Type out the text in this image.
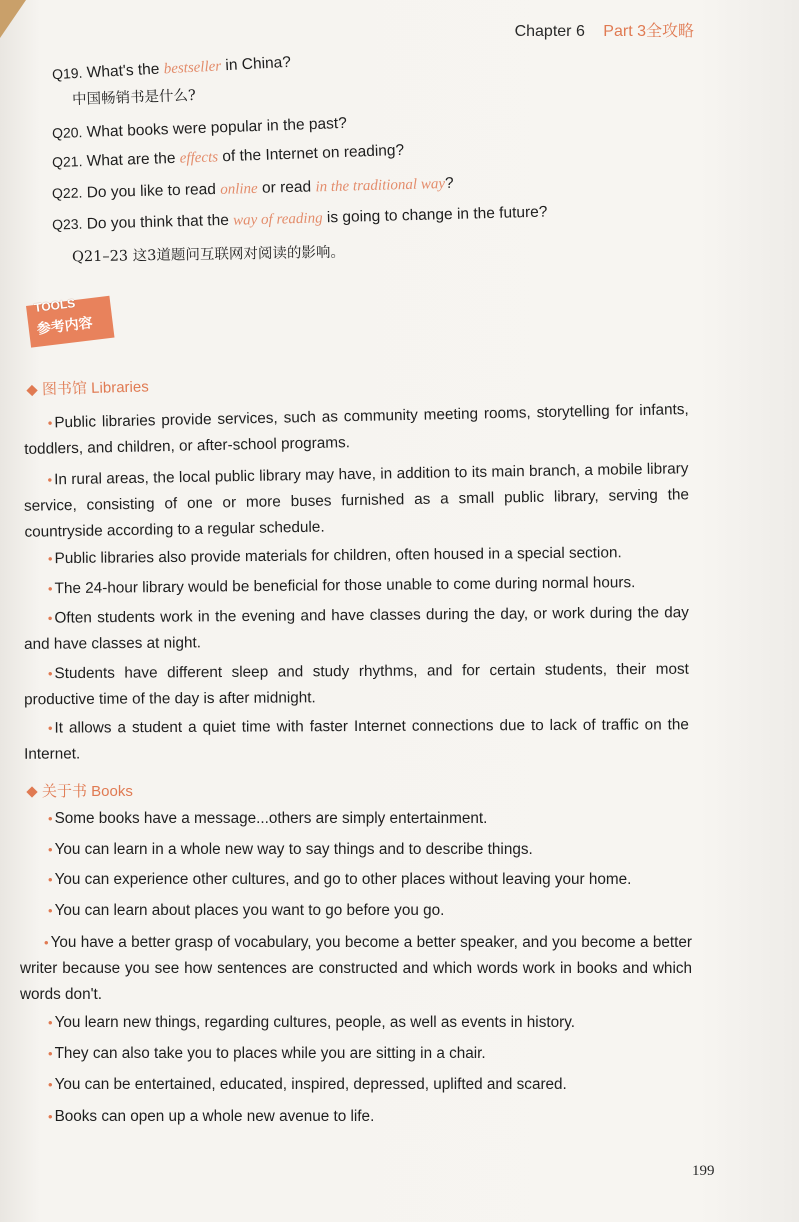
Chapter 6 Part 3全攻略
Q19. What's the bestseller in China?
中国畅销书是什么?
Q20. What books were popular in the past?
Q21. What are the effects of the Internet on reading?
Q22. Do you like to read online or read in the traditional way?
Q23. Do you think that the way of reading is going to change in the future?
Q21–23 这3道题问互联网对阅读的影响。
TOOLS
参考内容
图书馆 Libraries
• Public libraries provide services, such as community meeting rooms, storytelling for infants, toddlers, and children, or after-school programs.
• In rural areas, the local public library may have, in addition to its main branch, a mobile library service, consisting of one or more buses furnished as a small public library, serving the countryside according to a regular schedule.
• Public libraries also provide materials for children, often housed in a special section.
• The 24-hour library would be beneficial for those unable to come during normal hours.
• Often students work in the evening and have classes during the day, or work during the day and have classes at night.
• Students have different sleep and study rhythms, and for certain students, their most productive time of the day is after midnight.
• It allows a student a quiet time with faster Internet connections due to lack of traffic on the Internet.
关于书 Books
• Some books have a message...others are simply entertainment.
• You can learn in a whole new way to say things and to describe things.
• You can experience other cultures, and go to other places without leaving your home.
• You can learn about places you want to go before you go.
• You have a better grasp of vocabulary, you become a better speaker, and you become a better writer because you see how sentences are constructed and which words work in books and which words don't.
• You learn new things, regarding cultures, people, as well as events in history.
• They can also take you to places while you are sitting in a chair.
• You can be entertained, educated, inspired, depressed, uplifted and scared.
• Books can open up a whole new avenue to life.
199
